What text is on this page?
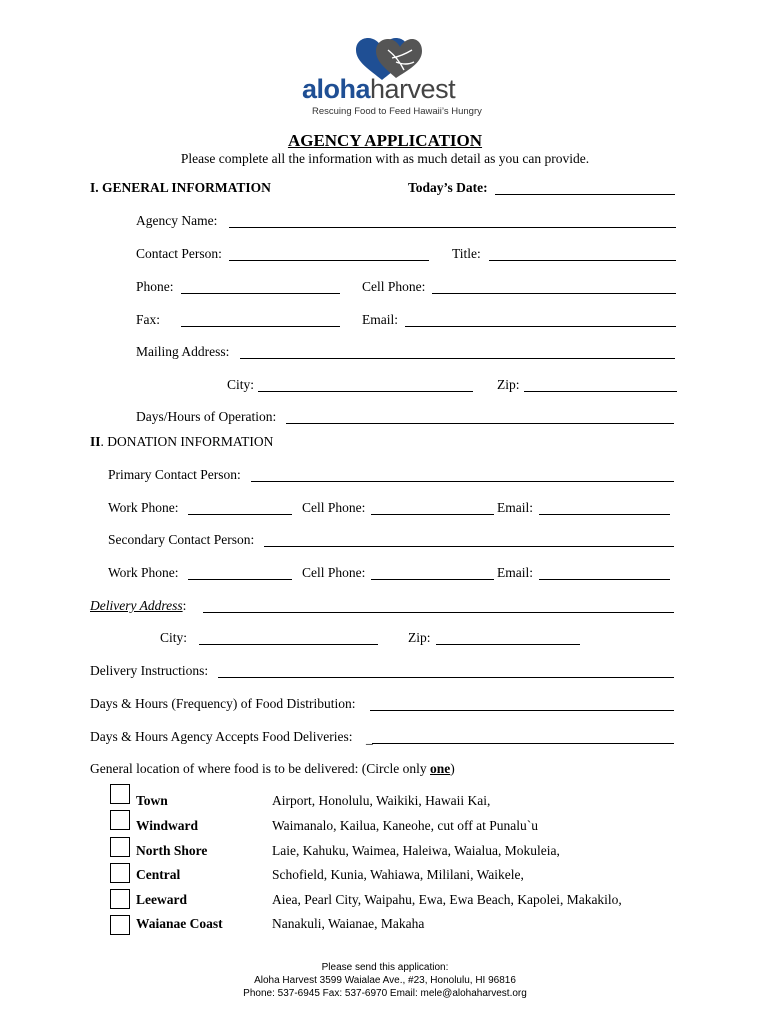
alohaharvest
Rescuing Food to Feed Hawaii’s Hungry
AGENCY APPLICATION
Please complete all the information with as much detail as you can provide.
I. GENERAL INFORMATION	Today’s Date:
Agency Name:
Contact Person:	Title:
Phone:	Cell Phone:
Fax:	Email:
Mailing Address:
City:	Zip:
Days/Hours of Operation:
II. DONATION INFORMATION
Primary Contact Person:
Work Phone:	Cell Phone:	Email:
Secondary Contact Person:
Work Phone:	Cell Phone:	Email:
Delivery Address:
City:	Zip:
Delivery Instructions:
Days & Hours (Frequency) of Food Distribution:
Days & Hours Agency Accepts Food Deliveries: _
General location of where food is to be delivered: (Circle only one)
Town	Airport, Honolulu, Waikiki, Hawaii Kai,
Windward	Waimanalo, Kailua, Kaneohe, cut off at Punalu`u
North Shore	Laie, Kahuku, Waimea, Haleiwa, Waialua, Mokuleia,
Central	Schofield, Kunia, Wahiawa, Mililani, Waikele,
Leeward	Aiea, Pearl City, Waipahu, Ewa, Ewa Beach, Kapolei, Makakilo,
Waianae Coast	Nanakuli, Waianae, Makaha
Please send this application:
Aloha Harvest 3599 Waialae Ave., #23, Honolulu, HI 96816
Phone: 537-6945 Fax: 537-6970 Email: mele@alohaharvest.org
